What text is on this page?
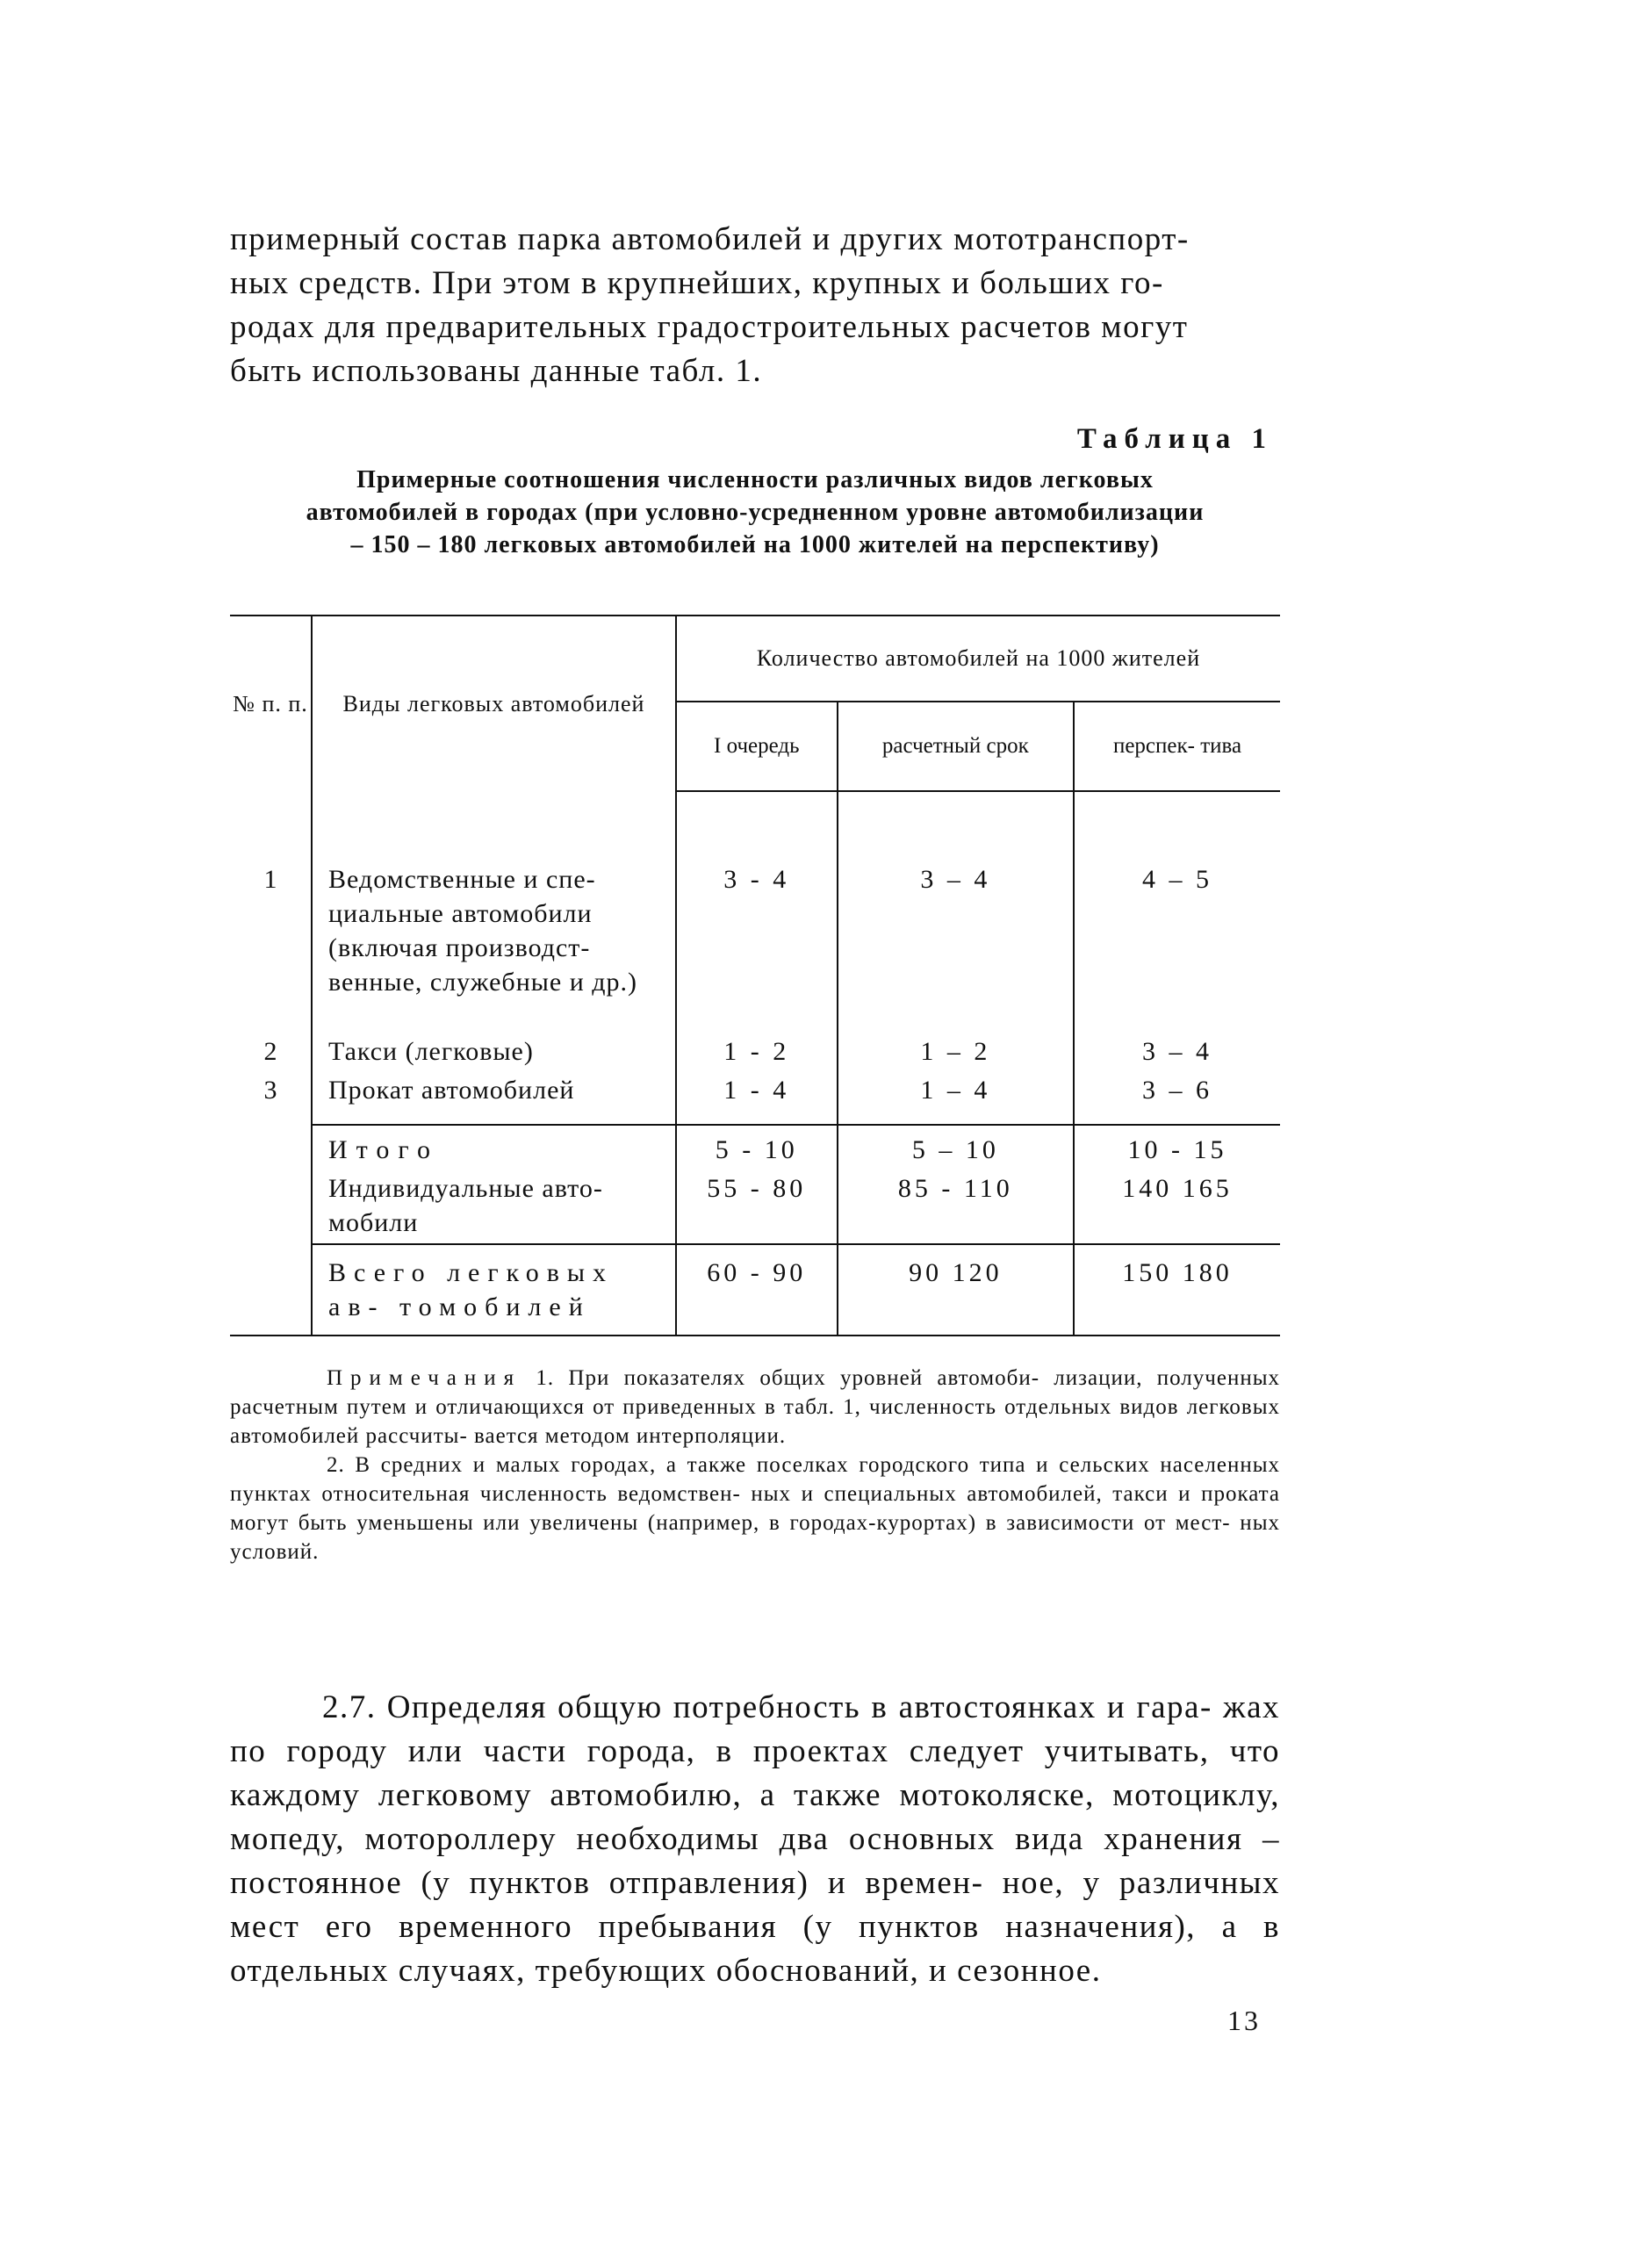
примерный состав парка автомобилей и других мототранспорт-

ных средств. При этом в крупнейших, крупных и больших го-

родах для предварительных градостроительных расчетов могут

быть использованы данные табл. 1.

Таблица 1

Примерные соотношения численности различных видов легковых автомобилей в городах (при условно-усредненном уровне автомобилизации – 150 – 180 легковых автомобилей на 1000 жителей на перспективу)

№ п. п.	Виды легковых автомобилей	Количество автомобилей на 1000 жителей		
		I очередь	расчетный срок	перспек- тива

1	Ведомственные и спе- циальные автомобили (включая производст- венные, служебные и др.)	3 - 4	3 – 4	4 – 5
2	Такси (легковые)	1 - 2	1 – 2	3 – 4
3	Прокат автомобилей	1 - 4	1 – 4	3 – 6

	Итого	5 - 10	5 – 10	10 - 15
	Индивидуальные авто- мобили	55 - 80	85 - 110	140 165
	Всего легковых ав- томобилей	60 - 90	90 120	150 180

Примечания 1. При показателях общих уровней автомоби- лизации, полученных расчетным путем и отличающихся от приведенных в табл. 1, численность отдельных видов легковых автомобилей рассчиты- вается методом интерполяции.

2. В средних и малых городах, а также поселках городского типа и сельских населенных пунктах относительная численность ведомствен- ных и специальных автомобилей, такси и проката могут быть уменьшены или увеличены (например, в городах-курортах) в зависимости от мест- ных условий.

2.7. Определяя общую потребность в автостоянках и гара- жах по городу или части города, в проектах следует учитывать, что каждому легковому автомобилю, а также мотоколяске, мотоциклу, мопеду, мотороллеру необходимы два основных вида хранения – постоянное (у пунктов отправления) и времен- ное, у различных мест его временного пребывания (у пунктов назначения), а в отдельных случаях, требующих обоснований, и сезонное.

13
